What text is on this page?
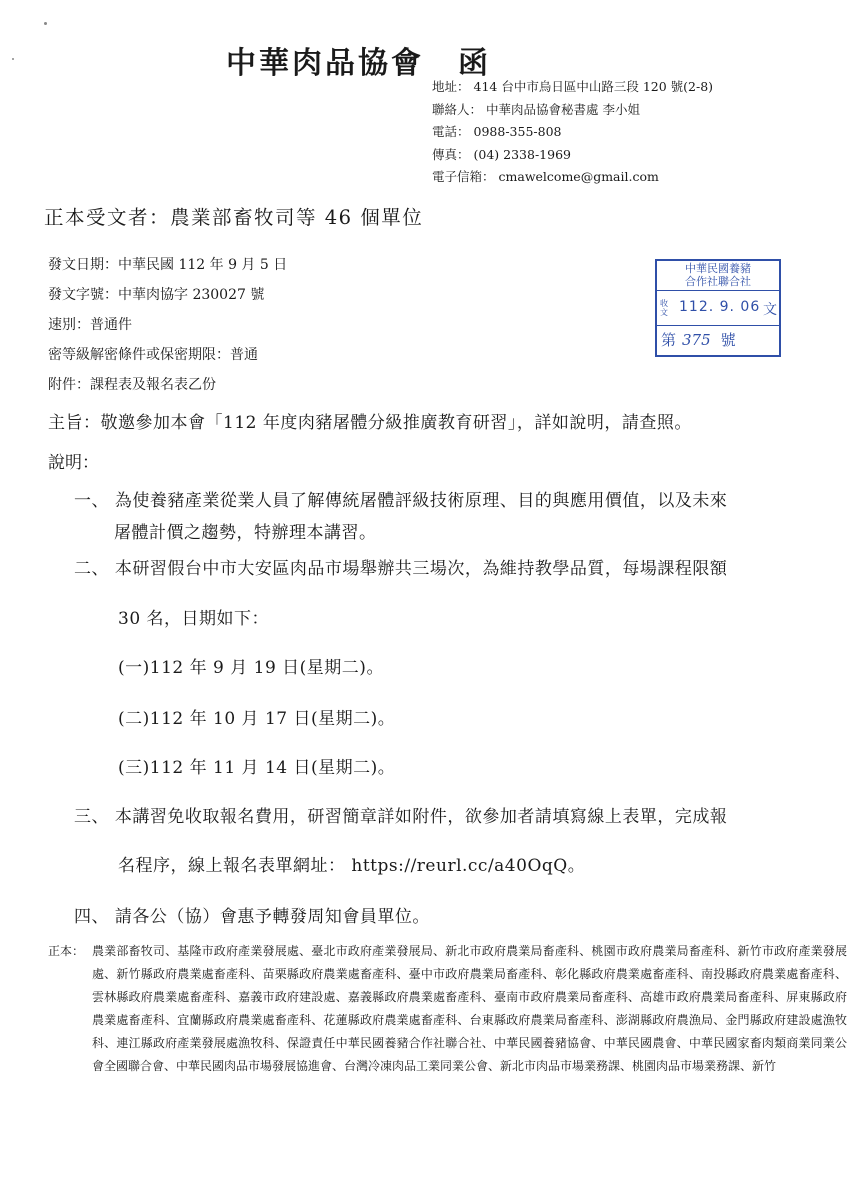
中華肉品協會 函
地址： 414 台中市烏日區中山路三段 120 號(2-8)
聯絡人： 中華肉品協會秘書處 李小姐
電話： 0988-355-808
傳真： (04) 2338-1969
電子信箱： cmawelcome@gmail.com
正本受文者：農業部畜牧司等 46 個單位
發文日期：中華民國 112 年 9 月 5 日
發文字號：中華肉協字 230027 號
速別：普通件
密等級解密條件或保密期限：普通
附件：課程表及報名表乙份
中華民國養豬
合作社聯合社
收文 112. 9. 06 文
第 375 號
主旨：敬邀參加本會「112 年度肉豬屠體分級推廣教育研習」，詳如說明，請查照。
說明：
一、 為使養豬產業從業人員了解傳統屠體評級技術原理、目的與應用價值，以及未來
屠體計價之趨勢，特辦理本講習。
二、 本研習假台中市大安區肉品市場舉辦共三場次，為維持教學品質，每場課程限額
30 名，日期如下：
(一)112 年 9 月 19 日(星期二)。
(二)112 年 10 月 17 日(星期二)。
(三)112 年 11 月 14 日(星期二)。
三、 本講習免收取報名費用，研習簡章詳如附件，欲參加者請填寫線上表單，完成報
名程序，線上報名表單網址： https://reurl.cc/a40OqQ。
四、 請各公（協）會惠予轉發周知會員單位。
正本： 農業部畜牧司、基隆市政府產業發展處、臺北市政府產業發展局、新北市政府農業局畜產科、桃園市政府農業局畜產科、新竹市政府產業發展處、新竹縣政府農業處畜產科、苗栗縣政府農業處畜產科、臺中市政府農業局畜產科、彰化縣政府農業處畜產科、南投縣政府農業處畜產科、雲林縣政府農業處畜產科、嘉義市政府建設處、嘉義縣政府農業處畜產科、臺南市政府農業局畜產科、高雄市政府農業局畜產科、屏東縣政府農業處畜產科、宜蘭縣政府農業處畜產科、花蓮縣政府農業處畜產科、台東縣政府農業局畜產科、澎湖縣政府農漁局、金門縣政府建設處漁牧科、連江縣政府產業發展處漁牧科、保證責任中華民國養豬合作社聯合社、中華民國養豬協會、中華民國農會、中華民國家畜肉類商業同業公會全國聯合會、中華民國肉品市場發展協進會、台灣冷凍肉品工業同業公會、新北市肉品市場業務課、桃園肉品市場業務課、新竹
